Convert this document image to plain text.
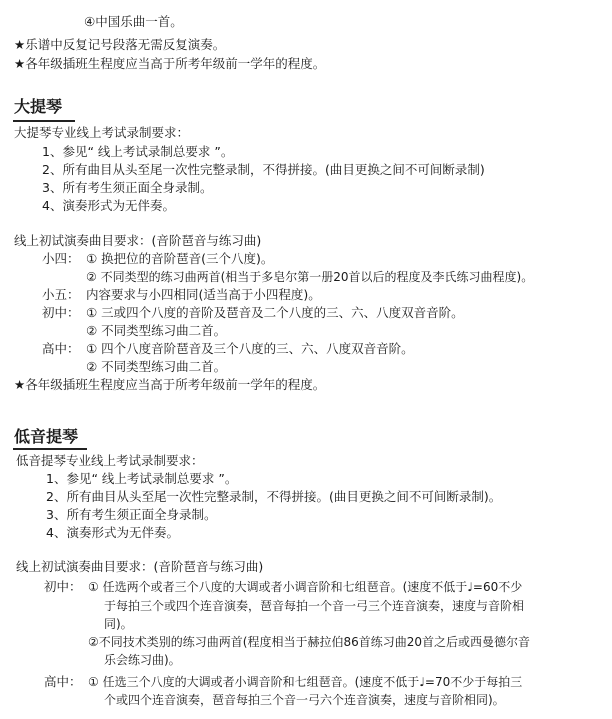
④中国乐曲一首。
★乐谱中反复记号段落无需反复演奏。
★各年级插班生程度应当高于所考年级前一学年的程度。
大提琴
大提琴专业线上考试录制要求：
1、参见“ 线上考试录制总要求 ”。
2、所有曲目从头至尾一次性完整录制，不得拼接。(曲目更换之间不可间断录制)
3、所有考生须正面全身录制。
4、演奏形式为无伴奏。
线上初试演奏曲目要求：(音阶琶音与练习曲)
小四： ① 换把位的音阶琶音(三个八度)。
② 不同类型的练习曲两首(相当于多皂尔第一册20首以后的程度及李氏练习曲程度)。
小五： 内容要求与小四相同(适当高于小四程度)。
初中： ① 三或四个八度的音阶及琶音及二个八度的三、六、八度双音音阶。
② 不同类型练习曲二首。
高中： ① 四个八度音阶琶音及三个八度的三、六、八度双音音阶。
② 不同类型练习曲二首。
★各年级插班生程度应当高于所考年级前一学年的程度。
低音提琴
低音提琴专业线上考试录制要求：
1、参见“ 线上考试录制总要求 ”。
2、所有曲目从头至尾一次性完整录制，不得拼接。(曲目更换之间不可间断录制)。
3、所有考生须正面全身录制。
4、演奏形式为无伴奏。
线上初试演奏曲目要求：(音阶琶音与练习曲)
初中： ① 任选两个或者三个八度的大调或者小调音阶和七组琶音。(速度不低于♩=60不少
于每拍三个或四个连音演奏，琶音每拍一个音一弓三个连音演奏，速度与音阶相
同)。
②不同技术类别的练习曲两首(程度相当于赫拉伯86首练习曲20首之后或西曼德尔音
乐会练习曲)。
高中： ① 任选三个八度的大调或者小调音阶和七组琶音。(速度不低于♩=70不少于每拍三
个或四个连音演奏，琶音每拍三个音一弓六个连音演奏，速度与音阶相同)。
